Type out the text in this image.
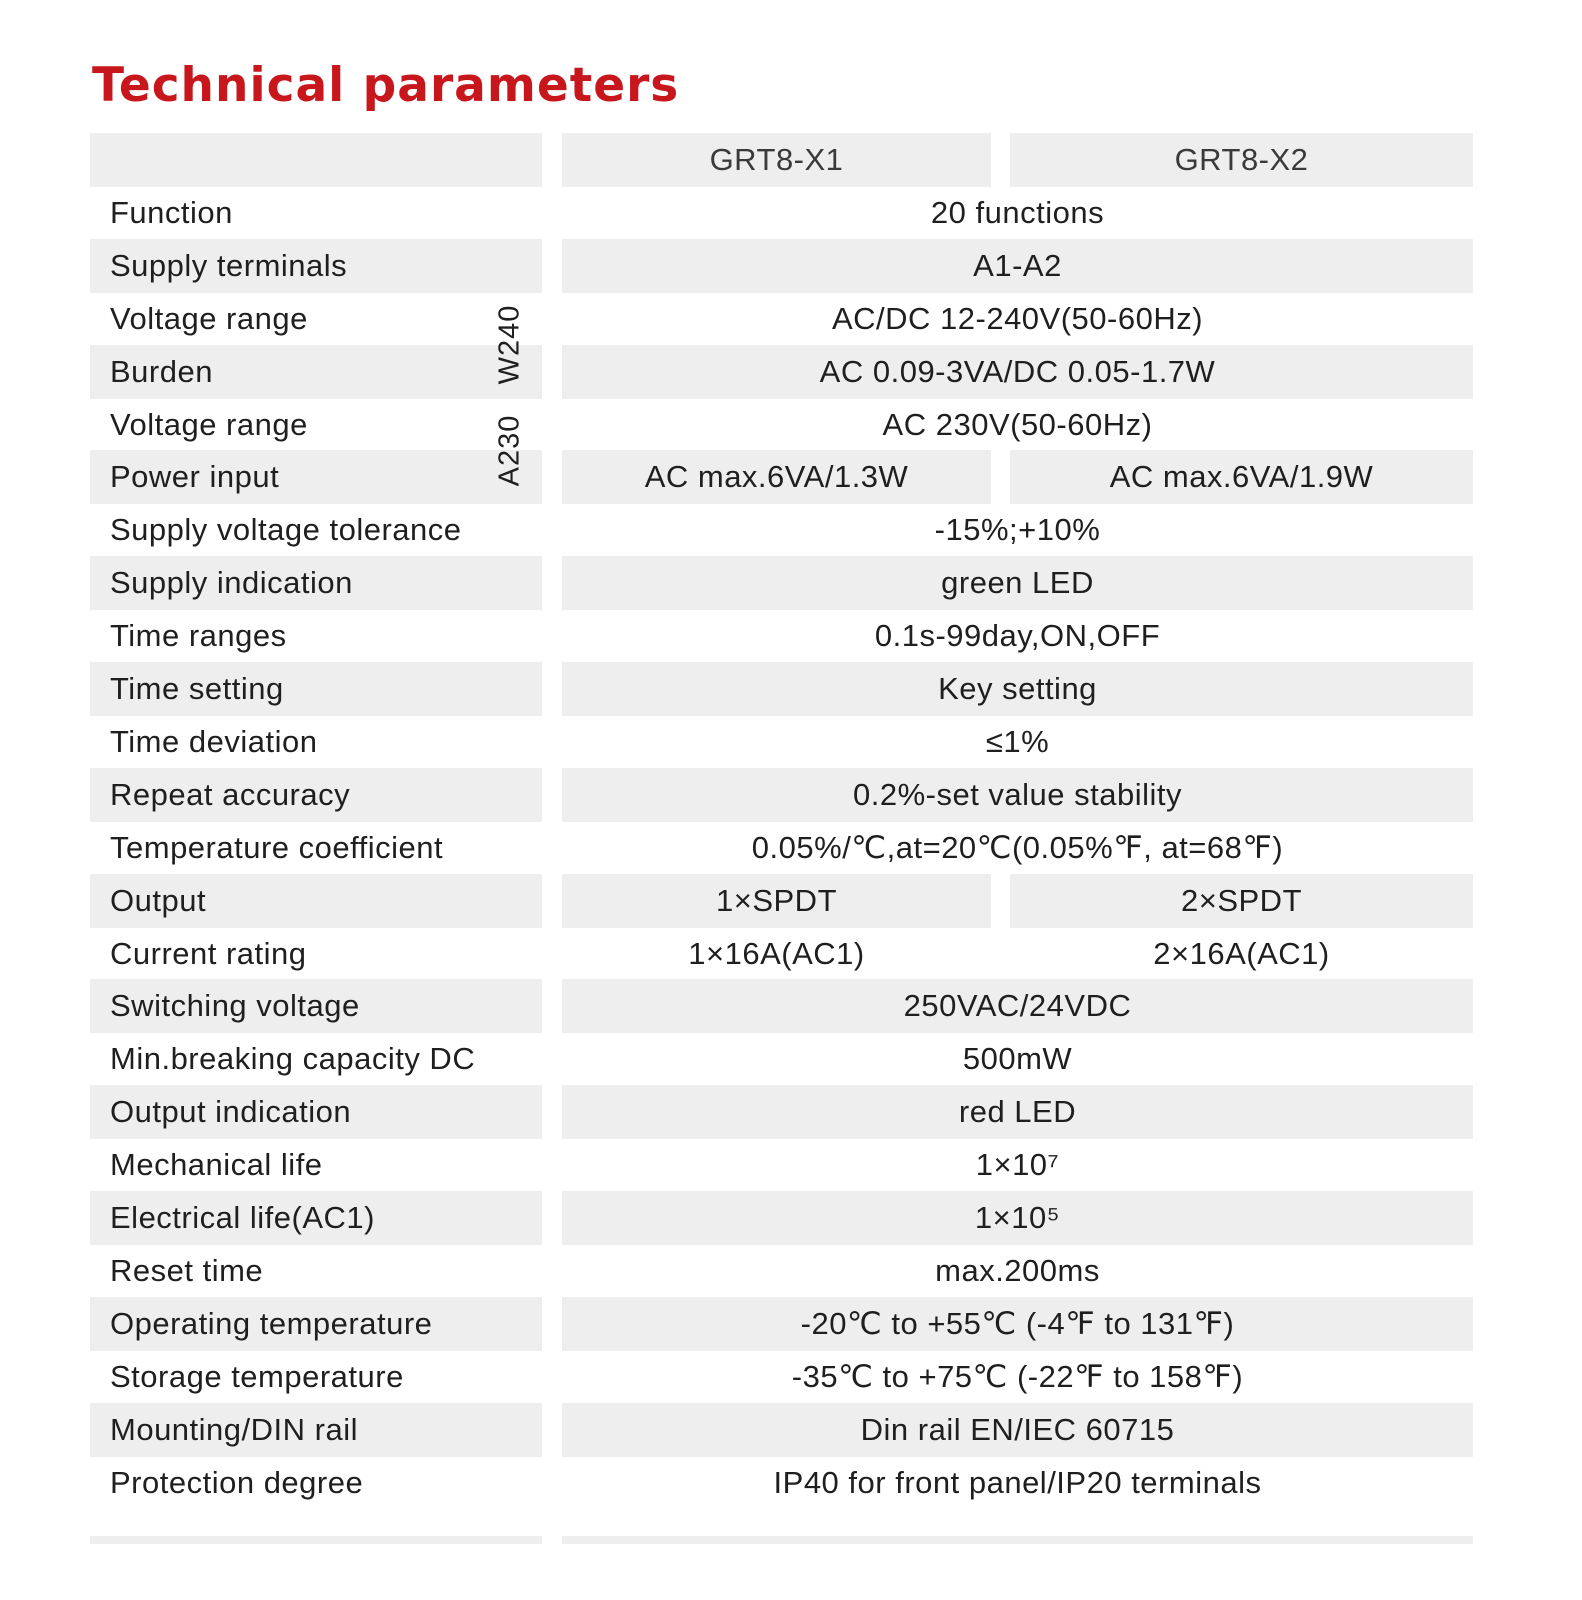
Technical parameters
GRT8-X1	GRT8-X2
Function	20 functions
Supply terminals	A1-A2
Voltage range	AC/DC 12-240V(50-60Hz)
Burden	AC 0.09-3VA/DC 0.05-1.7W
Voltage range	AC 230V(50-60Hz)
Power input	AC max.6VA/1.3W	AC max.6VA/1.9W
Supply voltage tolerance	-15%;+10%
Supply indication	green LED
Time ranges	0.1s-99day,ON,OFF
Time setting	Key setting
Time deviation	≤1%
Repeat accuracy	0.2%-set value stability
Temperature coefficient	0.05%/℃,at=20℃(0.05%℉, at=68℉)
Output	1×SPDT	2×SPDT
Current rating	1×16A(AC1)	2×16A(AC1)
Switching voltage	250VAC/24VDC
Min.breaking capacity DC	500mW
Output indication	red LED
Mechanical life	1×10⁷
Electrical life(AC1)	1×10⁵
Reset time	max.200ms
Operating temperature	-20℃ to +55℃ (-4℉ to 131℉)
Storage temperature	-35℃ to +75℃ (-22℉ to 158℉)
Mounting/DIN rail	Din rail EN/IEC 60715
Protection degree	IP40 for front panel/IP20 terminals
W240
A230
